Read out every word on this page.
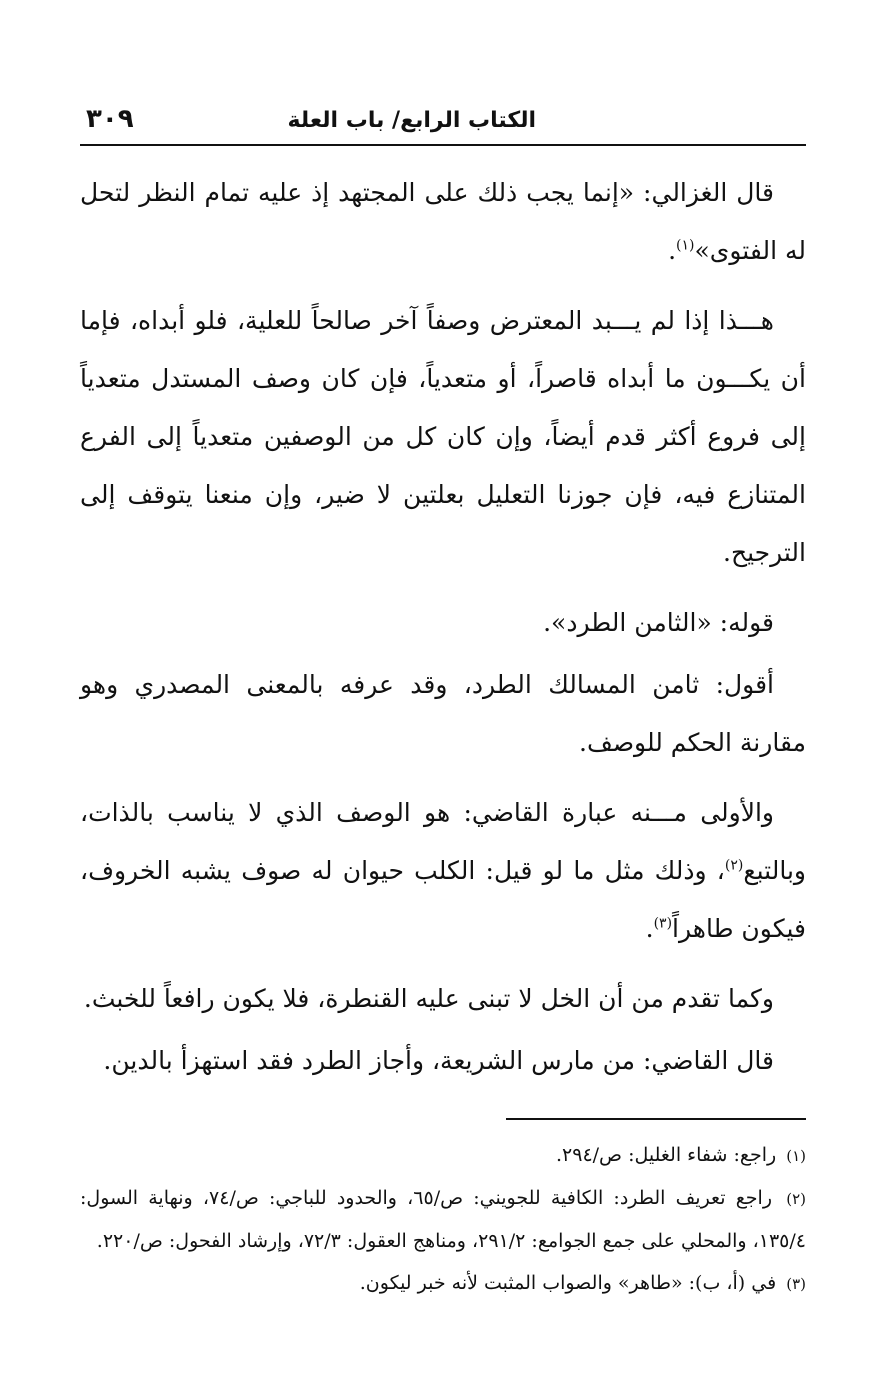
الكتاب الرابع/ باب العلة
٣٠٩

قال الغزالي: «إنما يجب ذلك على المجتهد إذ عليه تمام النظر لتحل له الفتوى»$^{(١)}$.

هـــذا إذا لم يـــبد المعترض وصفاً آخر صالحاً للعلية، فلو أبداه، فإما أن يكـــون ما أبداه قاصراً، أو متعدياً، فإن كان وصف المستدل متعدياً إلى فروع أكثر قدم أيضاً، وإن كان كل من الوصفين متعدياً إلى الفرع المتنازع فيه، فإن جوزنا التعليل بعلتين لا ضير، وإن منعنا يتوقف إلى الترجيح.

قوله: «الثامن الطرد».

أقول: ثامن المسالك الطرد، وقد عرفه بالمعنى المصدري وهو مقارنة الحكم للوصف.

والأولى مـــنه عبارة القاضي: هو الوصف الذي لا يناسب بالذات، وبالتبع$^{(٢)}$، وذلك مثل ما لو قيل: الكلب حيوان له صوف يشبه الخروف، فيكون طاهراً$^{(٣)}$.

وكما تقدم من أن الخل لا تبنى عليه القنطرة، فلا يكون رافعاً للخبث.

قال القاضي: من مارس الشريعة، وأجاز الطرد فقد استهزأ بالدين.

(١) راجع: شفاء الغليل: ص/٢٩٤.

(٢) راجع تعريف الطرد: الكافية للجويني: ص/٦٥، والحدود للباجي: ص/٧٤، ونهاية السول: ١٣٥/٤، والمحلي على جمع الجوامع: ٢٩١/٢، ومناهج العقول: ٧٢/٣، وإرشاد الفحول: ص/٢٢٠.

(٣) في (أ، ب): «طاهر» والصواب المثبت لأنه خبر ليكون.
